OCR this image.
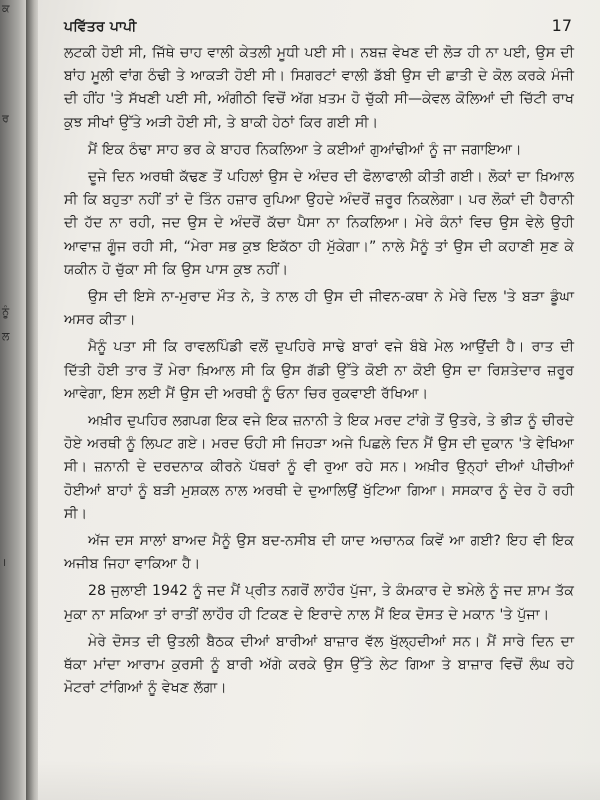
ਕ
ਰ
ਨੂੰ
ਲ
।
ਪਵਿੱਤਰ ਪਾਪੀ	17

ਲਟਕੀ ਹੋਈ ਸੀ, ਜਿੱਥੇ ਚਾਹ ਵਾਲੀ ਕੇਤਲੀ ਮੂਧੀ ਪਈ ਸੀ। ਨਬਜ਼ ਵੇਖਣ ਦੀ ਲੋੜ ਹੀ ਨਾ ਪਈ, ਉਸ ਦੀ ਬਾਂਹ ਮੂਲੀ ਵਾਂਗ ਠੰਢੀ ਤੇ ਆਕੜੀ ਹੋਈ ਸੀ। ਸਿਗਰਟਾਂ ਵਾਲੀ ਡੱਬੀ ਉਸ ਦੀ ਛਾਤੀ ਦੇ ਕੋਲ ਕਰਕੇ ਮੰਜੀ ਦੀ ਹੀਂਹ 'ਤੇ ਸੱਖਣੀ ਪਈ ਸੀ, ਅੰਗੀਠੀ ਵਿਚੋਂ ਅੱਗ ਖ਼ਤਮ ਹੋ ਚੁੱਕੀ ਸੀ—ਕੇਵਲ ਕੋਲਿਆਂ ਦੀ ਚਿੱਟੀ ਰਾਖ ਕੁਝ ਸੀਖਾਂ ਉੱਤੇ ਅੜੀ ਹੋਈ ਸੀ, ਤੇ ਬਾਕੀ ਹੇਠਾਂ ਕਿਰ ਗਈ ਸੀ।

ਮੈਂ ਇਕ ਠੰਢਾ ਸਾਹ ਭਰ ਕੇ ਬਾਹਰ ਨਿਕਲਿਆ ਤੇ ਕਈਆਂ ਗੁਆਂਢੀਆਂ ਨੂੰ ਜਾ ਜਗਾਇਆ।

ਦੂਜੇ ਦਿਨ ਅਰਥੀ ਕੱਢਣ ਤੋਂ ਪਹਿਲਾਂ ਉਸ ਦੇ ਅੰਦਰ ਦੀ ਫੋਲਾਫਾਲੀ ਕੀਤੀ ਗਈ। ਲੋਕਾਂ ਦਾ ਖ਼ਿਆਲ ਸੀ ਕਿ ਬਹੁਤਾ ਨਹੀਂ ਤਾਂ ਦੋ ਤਿੰਨ ਹਜ਼ਾਰ ਰੁਪਿਆ ਉਹਦੇ ਅੰਦਰੋਂ ਜ਼ਰੂਰ ਨਿਕਲੇਗਾ। ਪਰ ਲੋਕਾਂ ਦੀ ਹੈਰਾਨੀ ਦੀ ਹੱਦ ਨਾ ਰਹੀ, ਜਦ ਉਸ ਦੇ ਅੰਦਰੋਂ ਕੱਚਾ ਪੈਸਾ ਨਾ ਨਿਕਲਿਆ। ਮੇਰੇ ਕੰਨਾਂ ਵਿਚ ਉਸ ਵੇਲੇ ਉਹੀ ਆਵਾਜ਼ ਗੂੰਜ ਰਹੀ ਸੀ, “ਮੇਰਾ ਸਭ ਕੁਝ ਇਕੱਠਾ ਹੀ ਮੁੱਕੇਗਾ।” ਨਾਲੇ ਮੈਨੂੰ ਤਾਂ ਉਸ ਦੀ ਕਹਾਣੀ ਸੁਣ ਕੇ ਯਕੀਨ ਹੋ ਚੁੱਕਾ ਸੀ ਕਿ ਉਸ ਪਾਸ ਕੁਝ ਨਹੀਂ।

ਉਸ ਦੀ ਇਸੇ ਨਾ-ਮੁਰਾਦ ਮੌਤ ਨੇ, ਤੇ ਨਾਲ ਹੀ ਉਸ ਦੀ ਜੀਵਨ-ਕਥਾ ਨੇ ਮੇਰੇ ਦਿਲ 'ਤੇ ਬੜਾ ਡੂੰਘਾ ਅਸਰ ਕੀਤਾ।

ਮੈਨੂੰ ਪਤਾ ਸੀ ਕਿ ਰਾਵਲਪਿੰਡੀ ਵਲੋਂ ਦੁਪਹਿਰੇ ਸਾਢੇ ਬਾਰਾਂ ਵਜੇ ਬੰਬੇ ਮੇਲ ਆਉਂਦੀ ਹੈ। ਰਾਤ ਦੀ ਦਿੱਤੀ ਹੋਈ ਤਾਰ ਤੋਂ ਮੇਰਾ ਖ਼ਿਆਲ ਸੀ ਕਿ ਉਸ ਗੱਡੀ ਉੱਤੇ ਕੋਈ ਨਾ ਕੋਈ ਉਸ ਦਾ ਰਿਸ਼ਤੇਦਾਰ ਜ਼ਰੂਰ ਆਵੇਗਾ, ਇਸ ਲਈ ਮੈਂ ਉਸ ਦੀ ਅਰਥੀ ਨੂੰ ਓਨਾ ਚਿਰ ਰੁਕਵਾਈ ਰੱਖਿਆ।

ਅਖ਼ੀਰ ਦੁਪਹਿਰ ਲਗਪਗ ਇਕ ਵਜੇ ਇਕ ਜ਼ਨਾਨੀ ਤੇ ਇਕ ਮਰਦ ਟਾਂਗੇ ਤੋਂ ਉਤਰੇ, ਤੇ ਭੀੜ ਨੂੰ ਚੀਰਦੇ ਹੋਏ ਅਰਥੀ ਨੂੰ ਲਿਪਟ ਗਏ। ਮਰਦ ਓਹੀ ਸੀ ਜਿਹੜਾ ਅਜੇ ਪਿਛਲੇ ਦਿਨ ਮੈਂ ਉਸ ਦੀ ਦੁਕਾਨ 'ਤੇ ਵੇਖਿਆ ਸੀ। ਜ਼ਨਾਨੀ ਦੇ ਦਰਦਨਾਕ ਕੀਰਨੇ ਪੱਥਰਾਂ ਨੂੰ ਵੀ ਰੁਆ ਰਹੇ ਸਨ। ਅਖ਼ੀਰ ਉਨ੍ਹਾਂ ਦੀਆਂ ਪੀਚੀਆਂ ਹੋਈਆਂ ਬਾਹਾਂ ਨੂੰ ਬੜੀ ਮੁਸ਼ਕਲ ਨਾਲ ਅਰਥੀ ਦੇ ਦੁਆਲਿਉਂ ਖੁੱਟਿਆ ਗਿਆ। ਸਸਕਾਰ ਨੂੰ ਦੇਰ ਹੋ ਰਹੀ ਸੀ।

ਅੱਜ ਦਸ ਸਾਲਾਂ ਬਾਅਦ ਮੈਨੂੰ ਉਸ ਬਦ-ਨਸੀਬ ਦੀ ਯਾਦ ਅਚਾਨਕ ਕਿਵੇਂ ਆ ਗਈ? ਇਹ ਵੀ ਇਕ ਅਜੀਬ ਜਿਹਾ ਵਾਕਿਆ ਹੈ।

28 ਜੁਲਾਈ 1942 ਨੂੰ ਜਦ ਮੈਂ ਪ੍ਰੀਤ ਨਗਰੋਂ ਲਾਹੌਰ ਪੁੱਜਾ, ਤੇ ਕੰਮਕਾਰ ਦੇ ਝਮੇਲੇ ਨੂੰ ਜਦ ਸ਼ਾਮ ਤੱਕ ਮੁਕਾ ਨਾ ਸਕਿਆ ਤਾਂ ਰਾਤੀਂ ਲਾਹੌਰ ਹੀ ਟਿਕਣ ਦੇ ਇਰਾਦੇ ਨਾਲ ਮੈਂ ਇਕ ਦੋਸਤ ਦੇ ਮਕਾਨ 'ਤੇ ਪੁੱਜਾ।

ਮੇਰੇ ਦੋਸਤ ਦੀ ਉਤਲੀ ਬੈਠਕ ਦੀਆਂ ਬਾਰੀਆਂ ਬਾਜ਼ਾਰ ਵੱਲ ਖੁੱਲ੍ਹਦੀਆਂ ਸਨ। ਮੈਂ ਸਾਰੇ ਦਿਨ ਦਾ ਥੱਕਾ ਮਾਂਦਾ ਆਰਾਮ ਕੁਰਸੀ ਨੂੰ ਬਾਰੀ ਅੱਗੇ ਕਰਕੇ ਉਸ ਉੱਤੇ ਲੇਟ ਗਿਆ ਤੇ ਬਾਜ਼ਾਰ ਵਿਚੋਂ ਲੰਘ ਰਹੇ ਮੋਟਰਾਂ ਟਾਂਗਿਆਂ ਨੂੰ ਵੇਖਣ ਲੱਗਾ।
